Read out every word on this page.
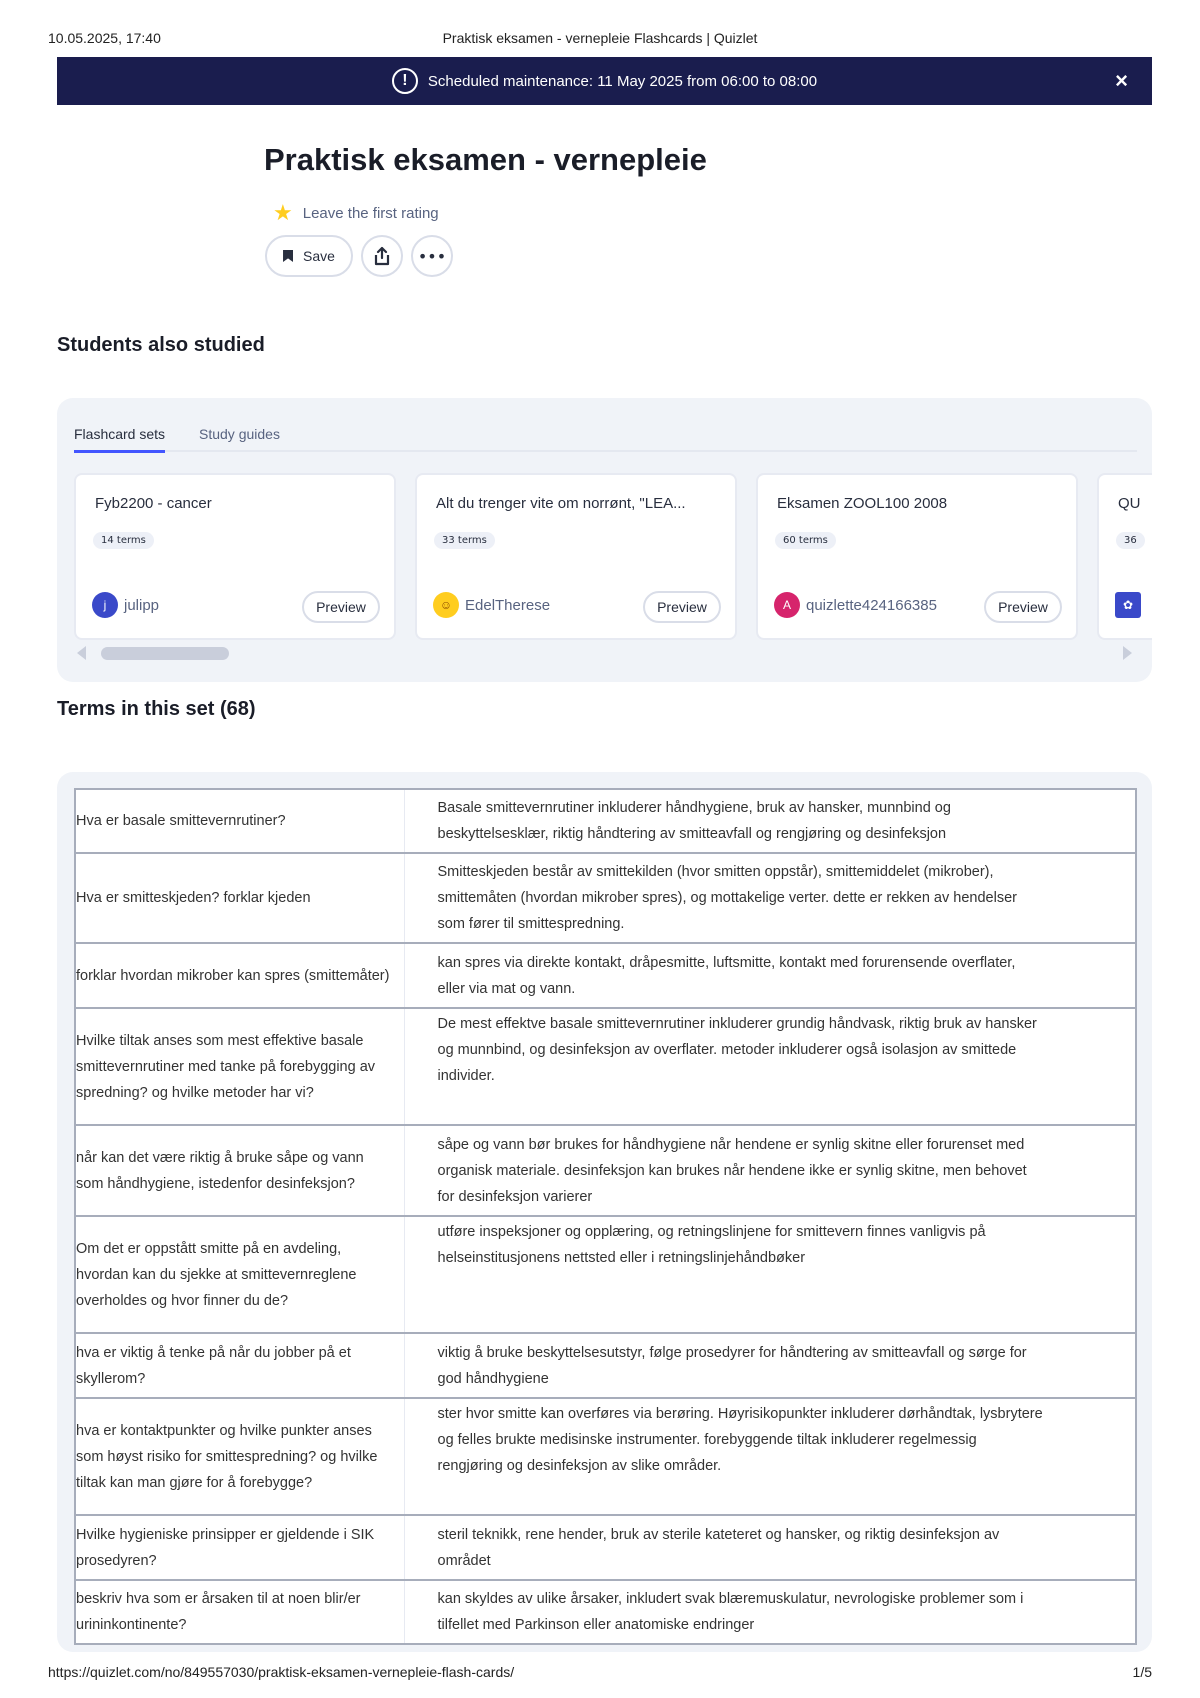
10.05.2025, 17:40	Praktisk eksamen - vernepleie Flashcards | Quizlet
!	Scheduled maintenance: 11 May 2025 from 06:00 to 08:00	×
Praktisk eksamen - vernepleie
★ Leave the first rating
Save	•••
Students also studied
Flashcard sets Study guides
Fyb2200 - cancer
14 terms
j	julipp	Preview
Alt du trenger vite om norrønt, "LEA...
33 terms
☺ EdelTherese	Preview
Eksamen ZOOL100 2008
60 terms
A	quizlette424166385	Preview
QU
36
✿
Terms in this set (68)
Hva er basale smittevernrutiner?	Basale smittevernrutiner inkluderer håndhygiene, bruk av hansker, munnbind og beskyttelsesklær, riktig håndtering av smitteavfall og rengjøring og desinfeksjon
Hva er smitteskjeden? forklar kjeden	Smitteskjeden består av smittekilden (hvor smitten oppstår), smittemiddelet (mikrober), smittemåten (hvordan mikrober spres), og mottakelige verter. dette er rekken av hendelser som fører til smittespredning.
forklar hvordan mikrober kan spres (smittemåter)	kan spres via direkte kontakt, dråpesmitte, luftsmitte, kontakt med forurensende overflater, eller via mat og vann.
Hvilke tiltak anses som mest effektive basale smittevernrutiner med tanke på forebygging av spredning? og hvilke metoder har vi?	De mest effektve basale smittevernrutiner inkluderer grundig håndvask, riktig bruk av hansker og munnbind, og desinfeksjon av overflater. metoder inkluderer også isolasjon av smittede individer.
når kan det være riktig å bruke såpe og vann som håndhygiene, istedenfor desinfeksjon?	såpe og vann bør brukes for håndhygiene når hendene er synlig skitne eller forurenset med organisk materiale. desinfeksjon kan brukes når hendene ikke er synlig skitne, men behovet for desinfeksjon varierer
Om det er oppstått smitte på en avdeling, hvordan kan du sjekke at smittevernreglene overholdes og hvor finner du de?	utføre inspeksjoner og opplæring, og retningslinjene for smittevern finnes vanligvis på helseinstitusjonens nettsted eller i retningslinjehåndbøker
hva er viktig å tenke på når du jobber på et skyllerom?	viktig å bruke beskyttelsesutstyr, følge prosedyrer for håndtering av smitteavfall og sørge for god håndhygiene
hva er kontaktpunkter og hvilke punkter anses som høyst risiko for smittespredning? og hvilke tiltak kan man gjøre for å forebygge?	ster hvor smitte kan overføres via berøring. Høyrisikopunkter inkluderer dørhåndtak, lysbrytere og felles brukte medisinske instrumenter. forebyggende tiltak inkluderer regelmessig rengjøring og desinfeksjon av slike områder.
Hvilke hygieniske prinsipper er gjeldende i SIK prosedyren?	steril teknikk, rene hender, bruk av sterile kateteret og hansker, og riktig desinfeksjon av området
beskriv hva som er årsaken til at noen blir/er urininkontinente?	kan skyldes av ulike årsaker, inkludert svak blæremuskulatur, nevrologiske problemer som i tilfellet med Parkinson eller anatomiske endringer
https://quizlet.com/no/849557030/praktisk-eksamen-vernepleie-flash-cards/	1/5
